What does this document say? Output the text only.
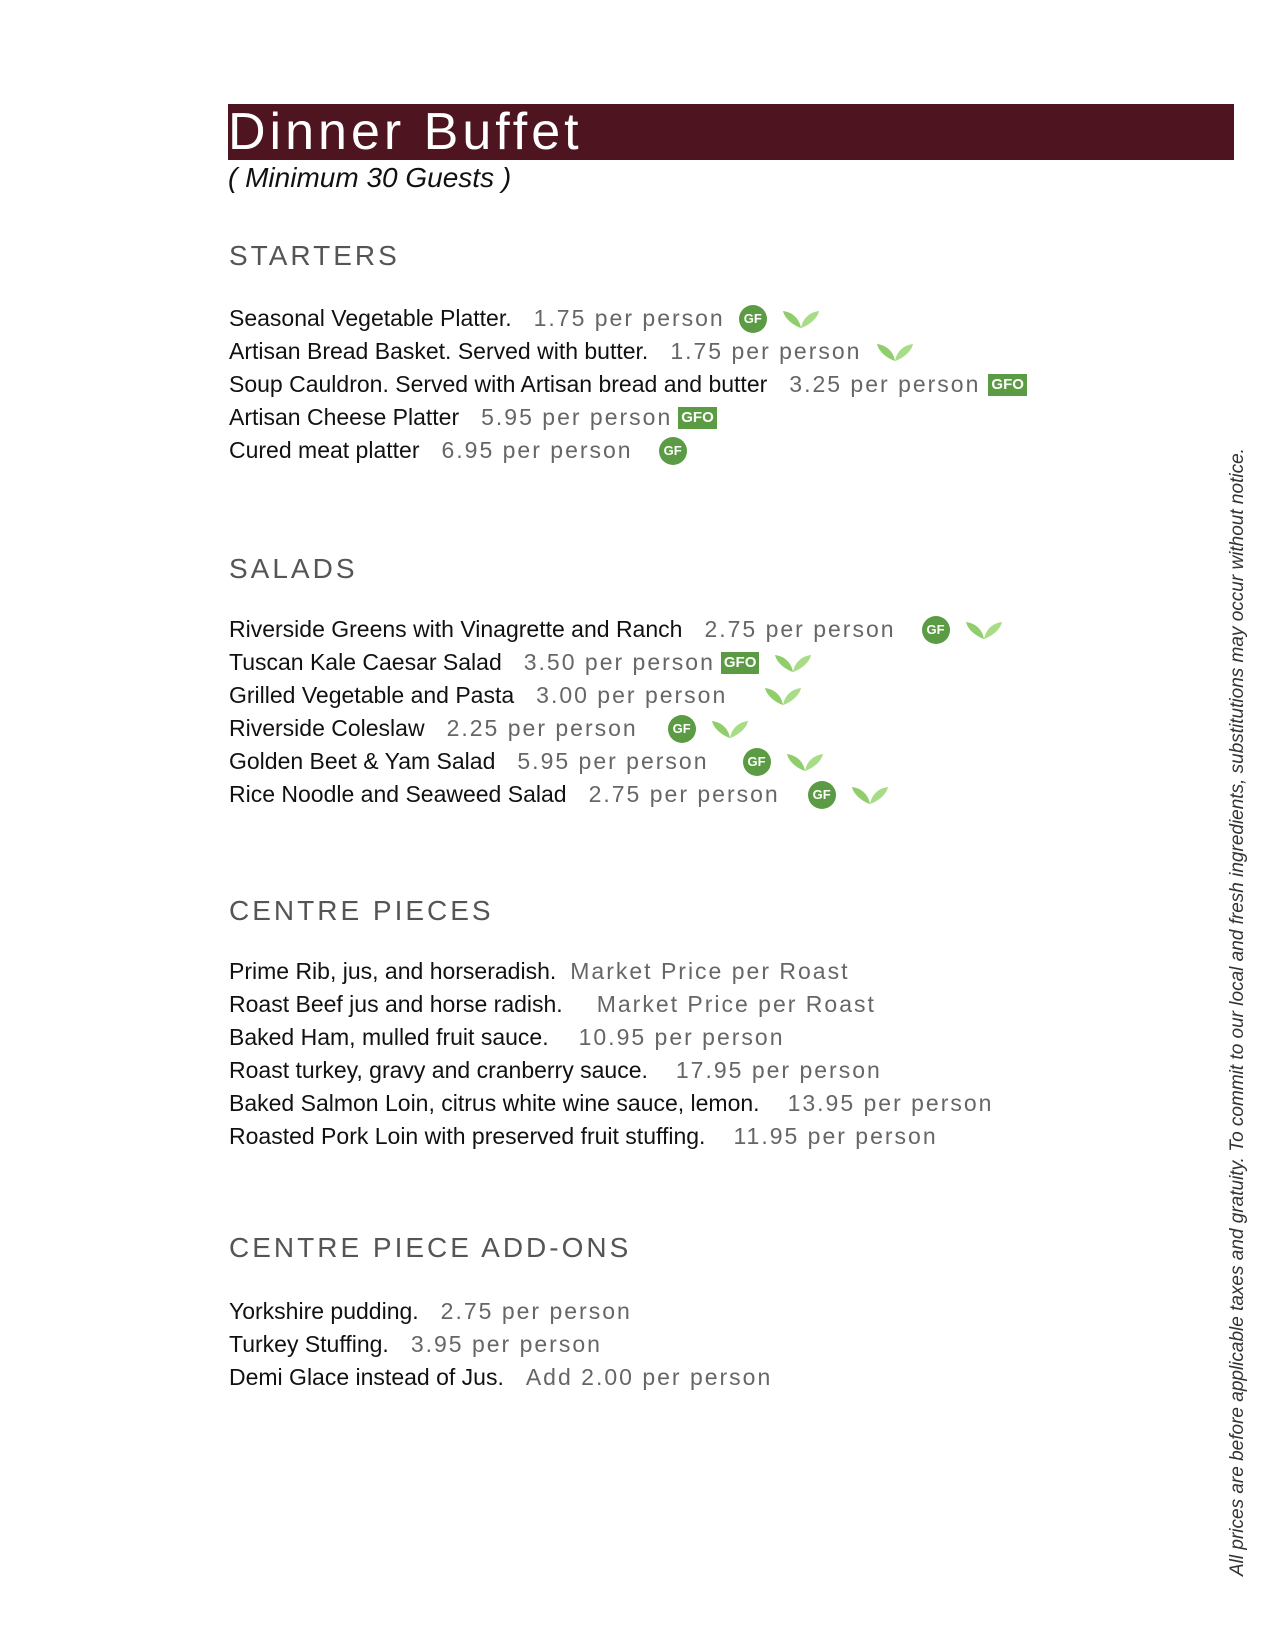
Dinner Buffet
( Minimum 30 Guests )
STARTERS
Seasonal Vegetable Platter. 1.75 per person	GF
Artisan Bread Basket. Served with butter. 1.75 per person
Soup Cauldron. Served with Artisan bread and butter 3.25 per person GFO
Artisan Cheese Platter 5.95 per person GFO
Cured meat platter 6.95 per person	GF
SALADS
Riverside Greens with Vinagrette and Ranch 2.75 per person	GF
Tuscan Kale Caesar Salad 3.50 per person GFO
Grilled Vegetable and Pasta 3.00 per person
Riverside Coleslaw 2.25 per person	GF
Golden Beet & Yam Salad 5.95 per person	GF
Rice Noodle and Seaweed Salad 2.75 per person	GF
CENTRE PIECES
Prime Rib, jus, and horseradish. Market Price per Roast
Roast Beef jus and horse radish. Market Price per Roast
Baked Ham, mulled fruit sauce. 10.95 per person
Roast turkey, gravy and cranberry sauce. 17.95 per person
Baked Salmon Loin, citrus white wine sauce, lemon. 13.95 per person
Roasted Pork Loin with preserved fruit stuffing. 11.95 per person
CENTRE PIECE ADD-ONS
Yorkshire pudding. 2.75 per person
Turkey Stuffing. 3.95 per person
Demi Glace instead of Jus. Add 2.00 per person	All prices are before applicable taxes and gratuity. To commit to our local and fresh ingredients, substitutions may occur without notice.
